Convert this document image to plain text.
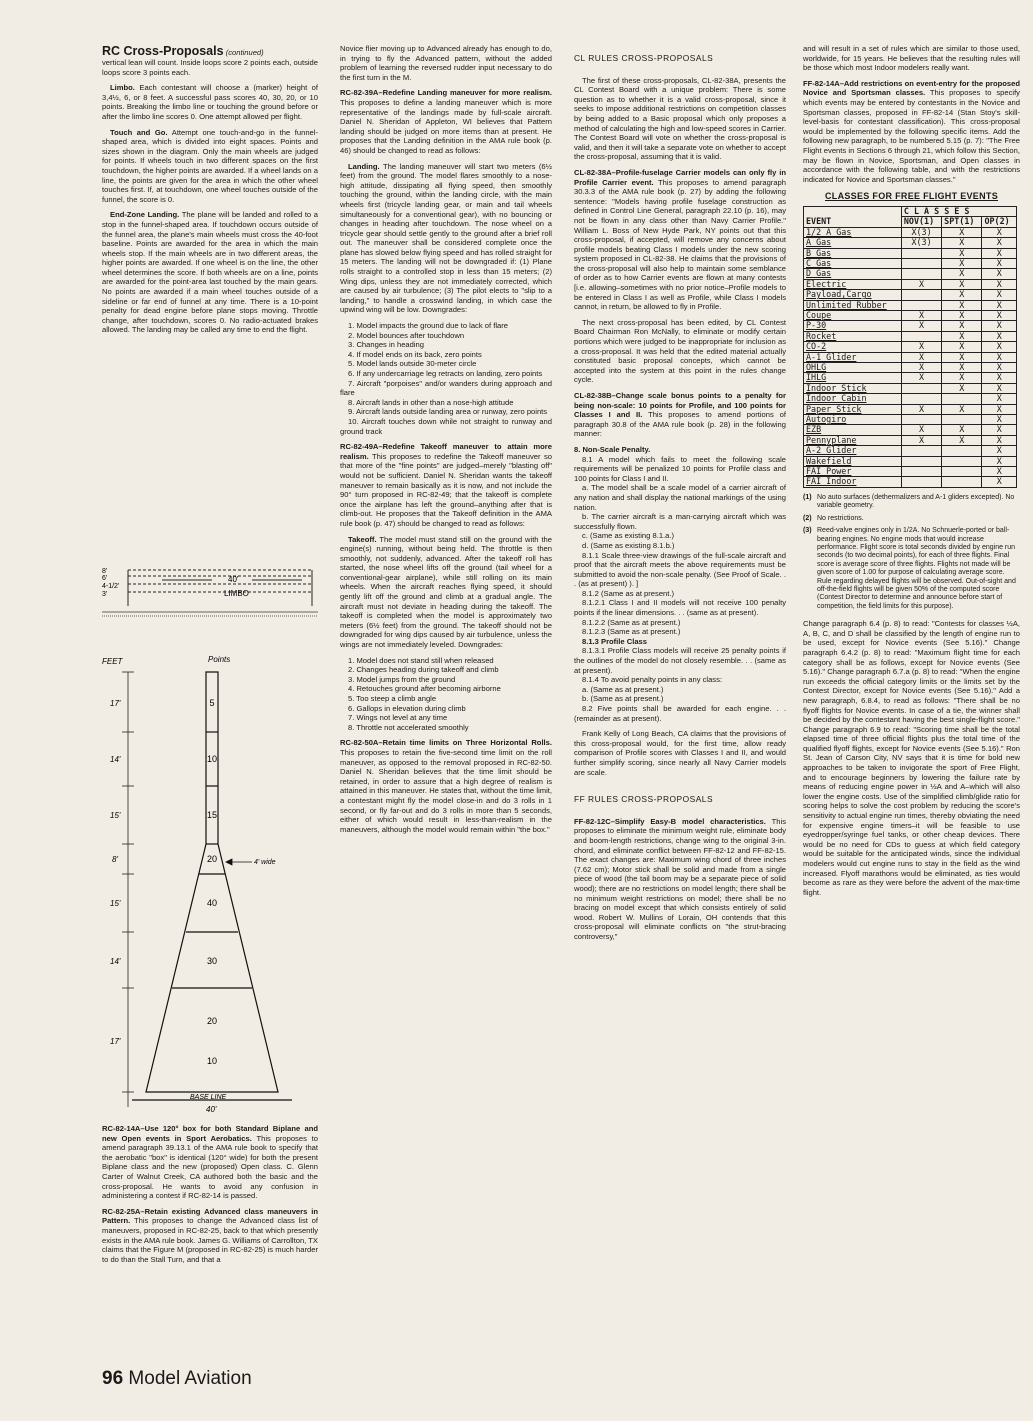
RC Cross-Proposals (continued)

vertical lean will count. Inside loops score 2 points each, outside loops score 3 points each.

Limbo. Each contestant will choose a (marker) height of 3,4½, 6, or 8 feet. A successful pass scores 40, 30, 20, or 10 points. Breaking the limbo line or touching the ground before or after the limbo line scores 0. One attempt allowed per flight.

Touch and Go. Attempt one touch-and-go in the funnel-shaped area, which is divided into eight spaces. Points and sizes shown in the diagram. Only the main wheels are judged for points. If wheels touch in two different spaces on the first touchdown, the higher points are awarded. If a wheel lands on a line, the points are given for the area in which the other wheel touches first. If, at touchdown, one wheel touches outside of the funnel, the score is 0.

End-Zone Landing. The plane will be landed and rolled to a stop in the funnel-shaped area. If touchdown occurs outside of the funnel area, the plane's main wheels must cross the 40-foot baseline. Points are awarded for the area in which the main wheels stop. If the main wheels are in two different areas, the higher points are awarded. If one wheel is on the line, the other wheel determines the score. If both wheels are on a line, points are awarded for the point-area last touched by the main gears. No points are awarded if a main wheel touches outside of a sideline or far end of funnel at any time. There is a 10-point penalty for dead engine before plane stops moving. Throttle change, after touchdown, scores 0. No radio-actuated brakes allowed. The landing may be called any time to end the flight.

8'
6'
4-1/2'
3'
40'
LIMBO
FEET	Points
17'
14'
15'
8'
15'
14'
17'
4' wide
BASE LINE
40'
5
10
15
20
40
30
20
10

RC-82-14A–Use 120° box for both Standard Biplane and new Open events in Sport Aerobatics. This proposes to amend paragraph 39.13.1 of the AMA rule book to specify that the aerobatic "box" is identical (120° wide) for both the present Biplane class and the new (proposed) Open class. C. Glenn Carter of Walnut Creek, CA authored both the basic and the cross-proposal. He wants to avoid any confusion in administering a contest if RC-82-14 is passed.

RC-82-25A–Retain existing Advanced class maneuvers in Pattern. This proposes to change the Advanced class list of maneuvers, proposed in RC-82-25, back to that which presently exists in the AMA rule book. James G. Williams of Carrollton, TX claims that the Figure M (proposed in RC-82-25) is much harder to do than the Stall Turn, and that a

Novice flier moving up to Advanced already has enough to do, in trying to fly the Advanced pattern, without the added problem of learning the reversed rudder input necessary to do the first turn in the M.

RC-82-39A–Redefine Landing maneuver for more realism. This proposes to define a landing maneuver which is more representative of the landings made by full-scale aircraft. Daniel N. Sheridan of Appleton, WI believes that Pattern landing should be judged on more items than at present. He proposes that the Landing definition in the AMA rule book (p. 46) should be changed to read as follows:

Landing. The landing maneuver will start two meters (6½ feet) from the ground. The model flares smoothly to a nose-high attitude, dissipating all flying speed, then smoothly touching the ground, within the landing circle, with the main wheels first (tricycle landing gear, or main and tail wheels simultaneously for a conventional gear), with no bouncing or changes in heading after touchdown. The nose wheel on a tricycle gear should settle gently to the ground after a brief roll out. The maneuver shall be considered complete once the plane has slowed below flying speed and has rolled straight for 15 meters. The landing will not be downgraded if: (1) Plane rolls straight to a controlled stop in less than 15 meters; (2) Wing dips, unless they are not immediately corrected, which are caused by air turbulence; (3) The pilot elects to "slip to a landing," to handle a crosswind landing, in which case the upwind wing will be low. Downgrades:

1. Model impacts the ground due to lack of flare
2. Model bounces after touchdown
3. Changes in heading
4. If model ends on its back, zero points
5. Model lands outside 30-meter circle
6. If any undercarriage leg retracts on landing, zero points
7. Aircraft "porpoises" and/or wanders during approach and flare
8. Aircraft lands in other than a nose-high attitude
9. Aircraft lands outside landing area or runway, zero points
10. Aircraft touches down while not straight to runway and ground track

RC-82-49A–Redefine Takeoff maneuver to attain more realism. This proposes to redefine the Takeoff maneuver so that more of the "fine points" are judged–merely "blasting off" would not be sufficient. Daniel N. Sheridan wants the takeoff maneuver to remain basically as it is now, and not include the 90° turn proposed in RC-82-49; that the takeoff is complete once the airplane has left the ground–anything after that is climb-out. He proposes that the Takeoff definition in the AMA rule book (p. 47) should be changed to read as follows:

Takeoff. The model must stand still on the ground with the engine(s) running, without being held. The throttle is then smoothly, not suddenly, advanced. After the takeoff roll has started, the nose wheel lifts off the ground (tail wheel for a conventional-gear airplane), while still rolling on its main wheels. When the aircraft reaches flying speed, it should gently lift off the ground and climb at a gradual angle. The aircraft must not deviate in heading during the takeoff. The takeoff is completed when the model is approximately two meters (6½ feet) from the ground. The takeoff should not be downgraded for wing dips caused by air turbulence, unless the wings are not immediately leveled. Downgrades:

1. Model does not stand still when released
2. Changes heading during takeoff and climb
3. Model jumps from the ground
4. Retouches ground after becoming airborne
5. Too steep a climb angle
6. Gallops in elevation during climb
7. Wings not level at any time
8. Throttle not accelerated smoothly

RC-82-50A–Retain time limits on Three Horizontal Rolls. This proposes to retain the five-second time limit on the roll maneuver, as opposed to the removal proposed in RC-82-50. Daniel N. Sheridan believes that the time limit should be retained, in order to assure that a high degree of realism is attained in this maneuver. He states that, without the time limit, a contestant might fly the model close-in and do 3 rolls in 1 second, or fly far-out and do 3 rolls in more than 5 seconds, either of which would result in less-than-realism in the maneuvers, although the model would remain within "the box."

CL RULES CROSS-PROPOSALS

The first of these cross-proposals, CL-82-38A, presents the CL Contest Board with a unique problem: There is some question as to whether it is a valid cross-proposal, since it seeks to impose additional restrictions on competition classes by being added to a Basic proposal which only proposes a method of calculating the high and low-speed scores in Carrier. The Contest Board will vote on whether the cross-proposal is valid, and then it will take a separate vote on whether to accept the cross-proposal, assuming that it is valid.

CL-82-38A–Profile-fuselage Carrier models can only fly in Profile Carrier event. This proposes to amend paragraph 30.3.3 of the AMA rule book (p. 27) by adding the following sentence: "Models having profile fuselage construction as defined in Control Line General, paragraph 22.10 (p. 16), may not be flown in any class other than Navy Carrier Profile." William L. Boss of New Hyde Park, NY points out that this cross-proposal, if accepted, will remove any concerns about profile models beating Class I models under the new scoring system proposed in CL-82-38. He claims that the provisions of the cross-proposal will also help to maintain some semblance of order as to how Carrier events are flown at many contests [i.e. allowing–sometimes with no prior notice–Profile models to be entered in Class I as well as Profile, while Class I models cannot, in return, be allowed to fly in Profile.

The next cross-proposal has been edited, by CL Contest Board Chairman Ron McNally, to eliminate or modify certain portions which were judged to be inappropriate for inclusion as a cross-proposal. It was held that the edited material actually constituted basic proposal concepts, which cannot be accepted into the system at this point in the rules change cycle.

CL-82-38B–Change scale bonus points to a penalty for being non-scale: 10 points for Profile, and 100 points for Classes I and II. This proposes to amend portions of paragraph 30.8 of the AMA rule book (p. 28) in the following manner:

8. Non-Scale Penalty.

8.1 A model which fails to meet the following scale requirements will be penalized 10 points for Profile class and 100 points for Class I and II.
a. The model shall be a scale model of a carrier aircraft of any nation and shall display the national markings of the using nation.
b. The carrier aircraft is a man-carrying aircraft which was successfully flown.
c. (Same as existing 8.1.a.)
d. (Same as existing 8.1.b.)
8.1.1 Scale three-view drawings of the full-scale aircraft and proof that the aircraft meets the above requirements must be submitted to avoid the non-scale penalty. (See Proof of Scale. . . (as at present) ). ]
8.1.2 (Same as at present.)
8.1.2.1 Class I and II models will not receive 100 penalty points if the linear dimensions. . . (same as at present).
8.1.2.2 (Same as at present.)
8.1.2.3 (Same as at present.)
8.1.3 Profile Class
8.1.3.1 Profile Class models will receive 25 penalty points if the outlines of the model do not closely resemble. . . (same as at present).
8.1.4 To avoid penalty points in any class:
a. (Same as at present.)
b. (Same as at present.)
8.2 Five points shall be awarded for each engine. . . (remainder as at present).

Frank Kelly of Long Beach, CA claims that the provisions of this cross-proposal would, for the first time, allow ready comparison of Profile scores with Classes I and II, and would further simplify scoring, since nearly all Navy Carrier models are scale.

FF RULES CROSS-PROPOSALS

FF-82-12C–Simplify Easy-B model characteristics. This proposes to eliminate the minimum weight rule, eliminate body and boom-length restrictions, change wing to the original 3-in. chord, and eliminate conflict between FF-82-12 and FF-82-15. The exact changes are: Maximum wing chord of three inches (7.62 cm); Motor stick shall be solid and made from a single piece of wood (the tail boom may be a separate piece of solid wood); there are no restrictions on model length; there shall be no minimum weight restrictions on model; there shall be no bracing on model except that which consists entirely of solid wood. Robert W. Mullins of Lorain, OH contends that this cross-proposal will eliminate conflicts on "the strut-bracing controversy,"

and will result in a set of rules which are similar to those used, worldwide, for 15 years. He believes that the resulting rules will be those which most Indoor modelers really want.

FF-82-14A–Add restrictions on event-entry for the proposed Novice and Sportsman classes. This proposes to specify which events may be entered by contestants in the Novice and Sportsman classes, proposed in FF-82-14 (Stan Stoy's skill-level-basis for contestant classification). This cross-proposal would be implemented by the following specific items. Add the following new paragraph, to be numbered 5.15 (p. 7): "The Free Flight events in Sections 6 through 21, which follow this Section, may be flown in Novice, Sportsman, and Open classes in accordance with the following table, and with the restrictions indicated for Novice and Sportsman classes."

CLASSES FOR FREE FLIGHT EVENTS

EVENT	C L A S S E S		
	NOV(1)	SPT(1)	OP(2)
1/2 A Gas	X(3)	X	X
A Gas	X(3)	X	X
B Gas		X	X
C Gas		X	X
D Gas		X	X
Electric	X	X	X
Payload,Cargo		X	X
Unlimited Rubber		X	X
Coupe	X	X	X
P-30	X	X	X
Rocket		X	X
CO-2	X	X	X
A-1 Glider	X	X	X
OHLG	X	X	X
IHLG	X	X	X
Indoor Stick		X	X
Indoor Cabin			X
Paper Stick	X	X	X
Autogiro			X
EZB	X	X	X
Pennyplane	X	X	X
A-2 Glider			X
Wakefield			X
FAI Power			X
FAI Indoor			X
(1) No auto surfaces (dethermalizers and A-1 gliders excepted). No variable geometry.
(2) No restrictions.
(3) Reed-valve engines only in 1/2A. No Schnuerle-ported or ball-bearing engines. No engine mods that would increase performance. Flight score is total seconds divided by engine run seconds (to two decimal points), for each of three flights. Final score is average score of three flights. Flights not made will be given score of 1.00 for purpose of calculating average score. Rule regarding delayed flights will be observed. Out-of-sight and off-the-field flights will be given 50% of the computed score (Contest Director to determine and announce before start of competition, the field limits for this purpose).

Change paragraph 6.4 (p. 8) to read: "Contests for classes ½A, A, B, C, and D shall be classified by the length of engine run to be used, except for Novice events (See 5.16)." Change paragraph 6.4.2 (p. 8) to read: "Maximum flight time for each category shall be as follows, except for Novice events (See 5.16)." Change paragraph 6.7.a (p. 8) to read: "When the engine run exceeds the official category limits or the limits set by the Contest Director, except for Novice events (See 5.16)." Add a new paragraph, 6.8.4, to read as follows: "There shall be no flyoff flights for Novice events. In case of a tie, the winner shall be decided by the contestant having the best single-flight score." Change paragraph 6.9 to read: "Scoring time shall be the total elapsed time of three official flights plus the total time of the qualified flyoff flights, except for Novice events (See 5.16)." Ron St. Jean of Carson City, NV says that it is time for bold new approaches to be taken to invigorate the sport of Free Flight, and to encourage beginners by lowering the failure rate by means of reducing engine power in ½A and A–which will also lower the engine costs. Use of the simplified climb/glide ratio for scoring helps to solve the cost problem by reducing the score's sensitivity to actual engine run times, thereby obviating the need for expensive engine timers–it will be feasible to use eyedropper/syringe fuel tanks, or other cheap devices. There would be no need for CDs to guess at which field category would be suitable for the anticipated winds, since the individual modelers would cut engine runs to stay in the field as the wind increased. Flyoff marathons would be eliminated, as ties would become as rare as they were before the advent of the max-time flight.

96 Model Aviation
